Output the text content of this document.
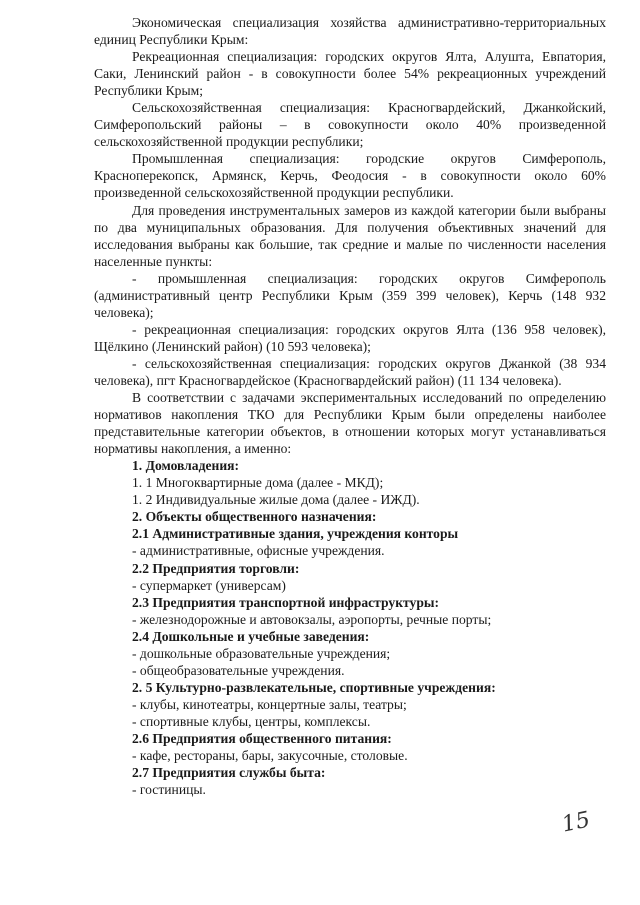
Экономическая специализация хозяйства административно-территориальных единиц Республики Крым:

Рекреационная специализация: городских округов Ялта, Алушта, Евпатория, Саки, Ленинский район - в совокупности более 54% рекреационных учреждений Республики Крым;

Сельскохозяйственная специализация: Красногвардейский, Джанкойский, Симферопольский районы – в совокупности около 40% произведенной сельскохозяйственной продукции республики;

Промышленная специализация: городские округов Симферополь, Красноперекопск, Армянск, Керчь, Феодосия - в совокупности около 60% произведенной сельскохозяйственной продукции республики.

Для проведения инструментальных замеров из каждой категории были выбраны по два муниципальных образования. Для получения объективных значений для исследования выбраны как большие, так средние и малые по численности населения населенные пункты:

- промышленная специализация: городских округов Симферополь (административный центр Республики Крым (359 399 человек), Керчь (148 932 человека);

- рекреационная специализация: городских округов Ялта (136 958 человек), Щёлкино (Ленинский район) (10 593 человека);

- сельскохозяйственная специализация: городских округов Джанкой (38 934 человека), пгт Красногвардейское (Красногвардейский район) (11 134 человека).

В соответствии с задачами экспериментальных исследований по определению нормативов накопления ТКО для Республики Крым были определены наиболее представительные категории объектов, в отношении которых могут устанавливаться нормативы накопления, а именно:

1. Домовладения:

1. 1 Многоквартирные дома (далее - МКД);

1. 2 Индивидуальные жилые дома (далее - ИЖД).

2. Объекты общественного назначения:

2.1 Административные здания, учреждения конторы

- административные, офисные учреждения.

2.2 Предприятия торговли:

- супермаркет (универсам)

2.3 Предприятия транспортной инфраструктуры:

- железнодорожные и автовокзалы, аэропорты, речные порты;

2.4 Дошкольные и учебные заведения:

- дошкольные образовательные учреждения;

- общеобразовательные учреждения.

2. 5 Культурно-развлекательные, спортивные учреждения:

- клубы, кинотеатры, концертные залы, театры;

- спортивные клубы, центры, комплексы.

2.6 Предприятия общественного питания:

- кафе, рестораны, бары, закусочные, столовые.

2.7 Предприятия службы быта:

- гостиницы.

15
